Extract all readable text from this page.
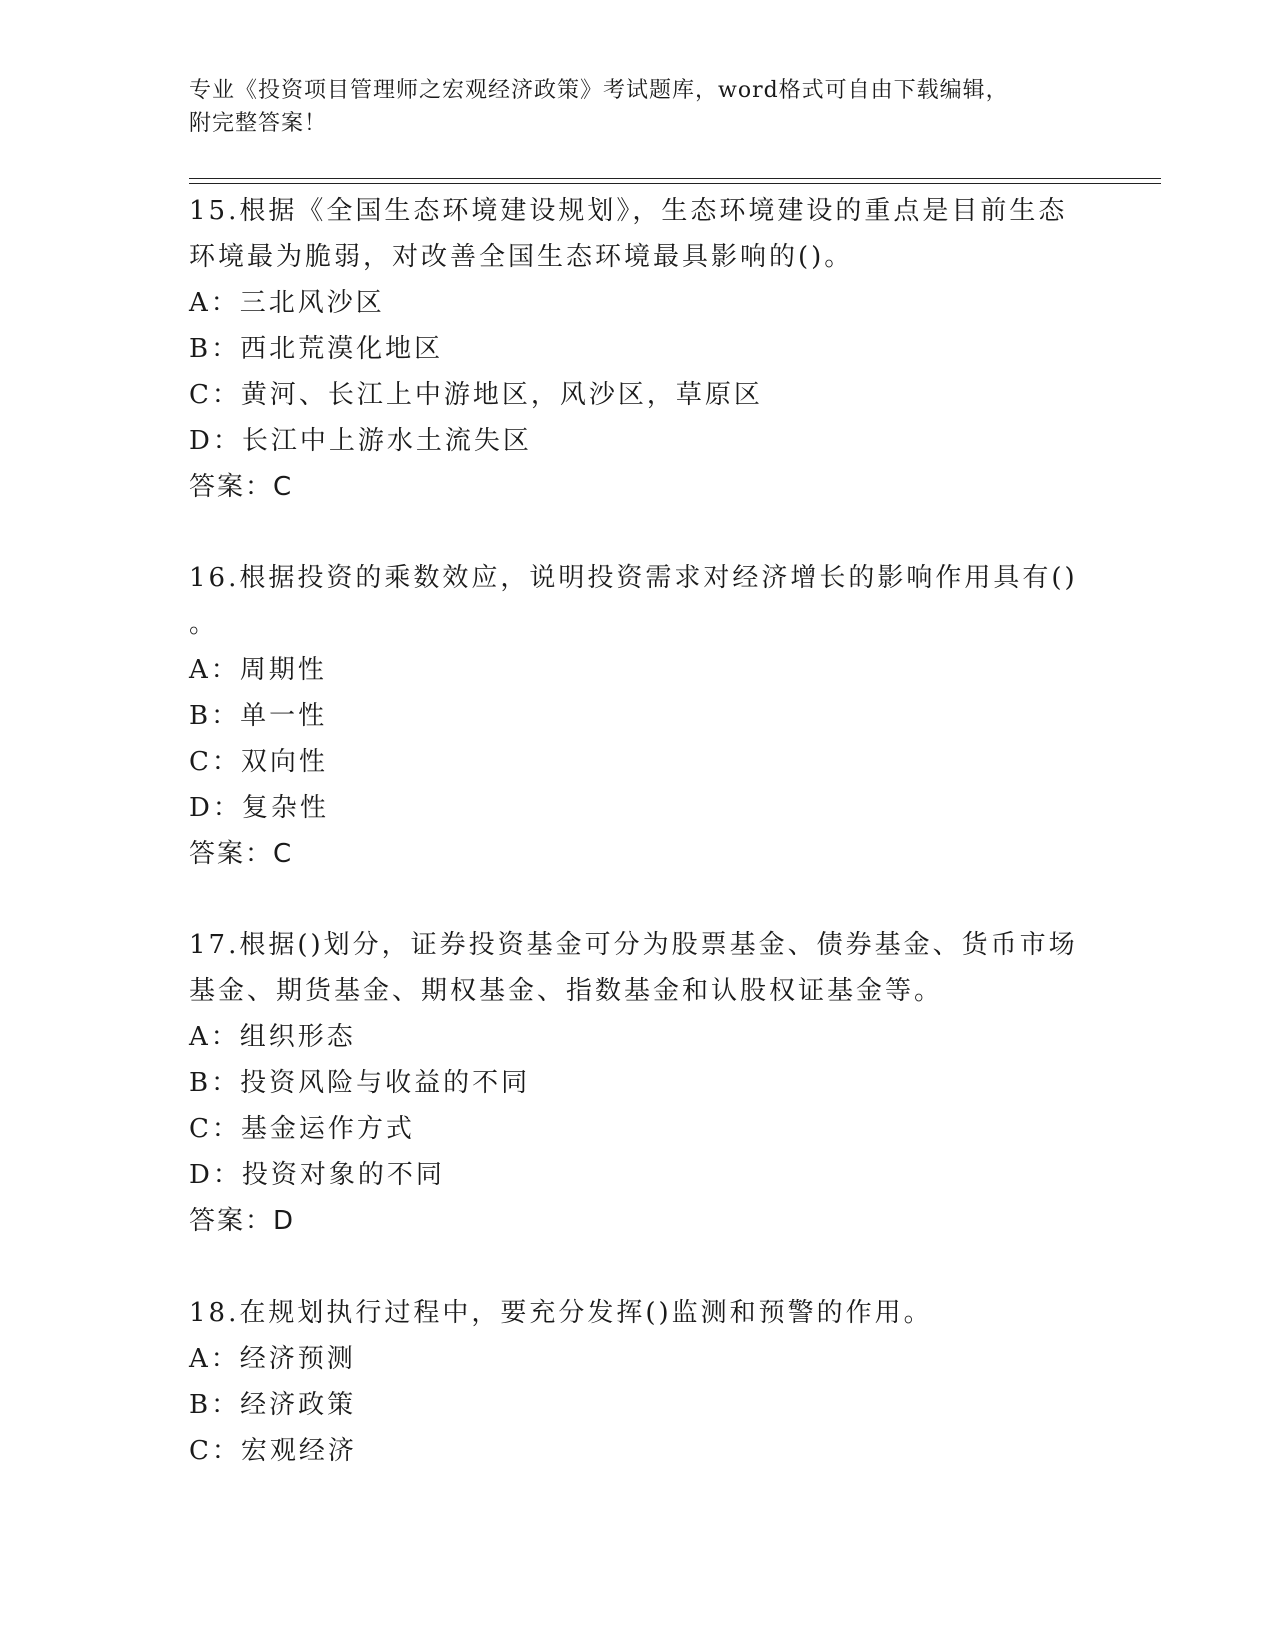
专业《投资项目管理师之宏观经济政策》考试题库，word格式可自由下载编辑，
附完整答案！

15.根据《全国生态环境建设规划》，生态环境建设的重点是目前生态

环境最为脆弱，对改善全国生态环境最具影响的()。

A：三北风沙区

B：西北荒漠化地区

C：黄河、长江上中游地区，风沙区，草原区

D：长江中上游水土流失区

答案：C

16.根据投资的乘数效应，说明投资需求对经济增长的影响作用具有()

。

A：周期性

B：单一性

C：双向性

D：复杂性

答案：C

17.根据()划分，证券投资基金可分为股票基金、债券基金、货币市场

基金、期货基金、期权基金、指数基金和认股权证基金等。

A：组织形态

B：投资风险与收益的不同

C：基金运作方式

D：投资对象的不同

答案：D

18.在规划执行过程中，要充分发挥()监测和预警的作用。

A：经济预测

B：经济政策

C：宏观经济
